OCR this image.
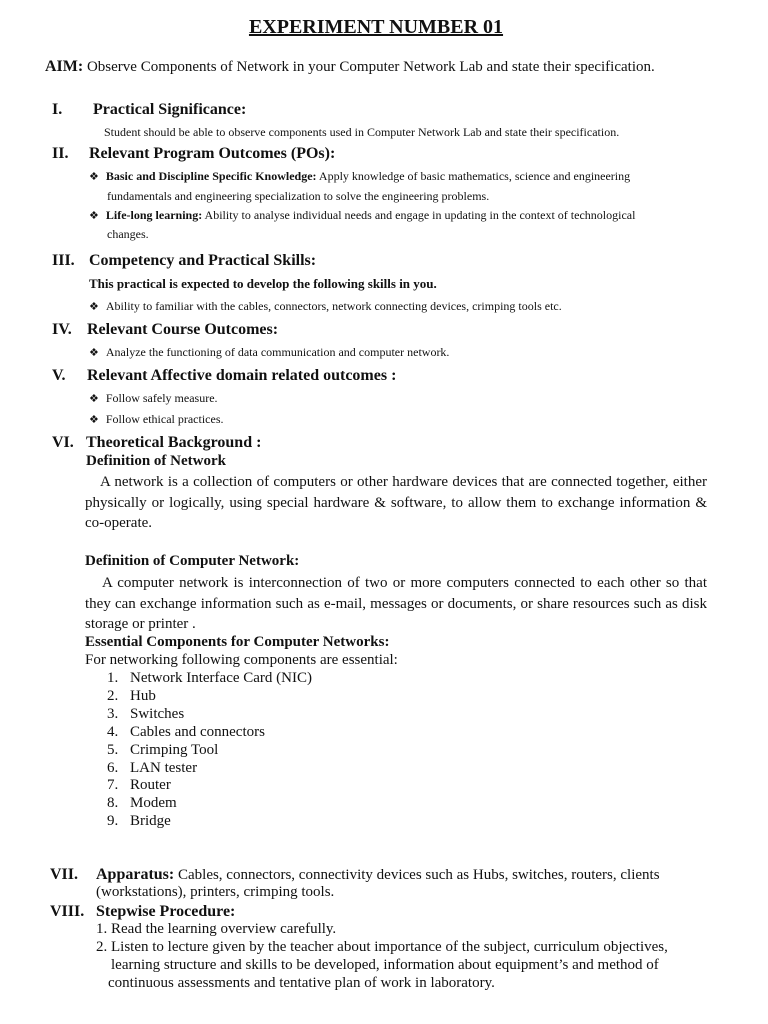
EXPERIMENT NUMBER 01
AIM: Observe Components of Network in your Computer Network Lab and state their specification.
I. Practical Significance:
Student should be able to observe components used in Computer Network Lab and state their specification.
II. Relevant Program Outcomes (POs):
❖ Basic and Discipline Specific Knowledge: Apply knowledge of basic mathematics, science and engineering
fundamentals and engineering specialization to solve the engineering problems.
❖ Life-long learning: Ability to analyse individual needs and engage in updating in the context of technological
changes.
III. Competency and Practical Skills:
This practical is expected to develop the following skills in you.
❖ Ability to familiar with the cables, connectors, network connecting devices, crimping tools etc.
IV. Relevant Course Outcomes:
❖ Analyze the functioning of data communication and computer network.
V. Relevant Affective domain related outcomes :
❖ Follow safely measure.
❖ Follow ethical practices.
VI. Theoretical Background :
Definition of Network
A network is a collection of computers or other hardware devices that are connected together, either physically or logically, using special hardware & software, to allow them to exchange information & co-operate.
Definition of Computer Network:
A computer network is interconnection of two or more computers connected to each other so that they can exchange information such as e-mail, messages or documents, or share resources such as disk storage or printer .
Essential Components for Computer Networks:
For networking following components are essential:
1. Network Interface Card (NIC)
2. Hub
3. Switches
4. Cables and connectors
5. Crimping Tool
6. LAN tester
7. Router
8. Modem
9. Bridge
VII. Apparatus: Cables, connectors, connectivity devices such as Hubs, switches, routers, clients
(workstations), printers, crimping tools.
VIII. Stepwise Procedure:
1. Read the learning overview carefully.
2. Listen to lecture given by the teacher about importance of the subject, curriculum objectives,
learning structure and skills to be developed, information about equipment’s and method of
continuous assessments and tentative plan of work in laboratory.
